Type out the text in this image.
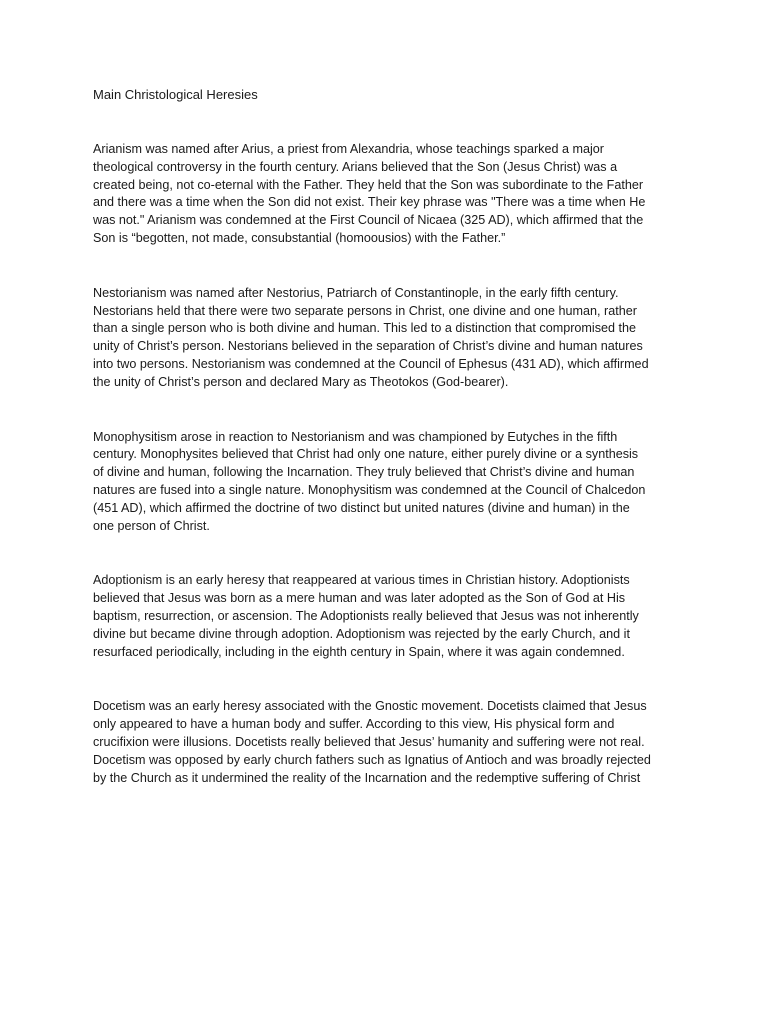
Main Christological Heresies
Arianism was named after Arius, a priest from Alexandria, whose teachings sparked a major
theological controversy in the fourth century. Arians believed that the Son (Jesus Christ) was a
created being, not co-eternal with the Father. They held that the Son was subordinate to the Father
and there was a time when the Son did not exist. Their key phrase was "There was a time when He
was not." Arianism was condemned at the First Council of Nicaea (325 AD), which affirmed that the
Son is “begotten, not made, consubstantial (homoousios) with the Father.”
Nestorianism was named after Nestorius, Patriarch of Constantinople, in the early fifth century.
Nestorians held that there were two separate persons in Christ, one divine and one human, rather
than a single person who is both divine and human. This led to a distinction that compromised the
unity of Christ’s person. Nestorians believed in the separation of Christ’s divine and human natures
into two persons. Nestorianism was condemned at the Council of Ephesus (431 AD), which affirmed
the unity of Christ’s person and declared Mary as Theotokos (God-bearer).
Monophysitism arose in reaction to Nestorianism and was championed by Eutyches in the fifth
century. Monophysites believed that Christ had only one nature, either purely divine or a synthesis
of divine and human, following the Incarnation. They truly believed that Christ’s divine and human
natures are fused into a single nature. Monophysitism was condemned at the Council of Chalcedon
(451 AD), which affirmed the doctrine of two distinct but united natures (divine and human) in the
one person of Christ.
Adoptionism is an early heresy that reappeared at various times in Christian history. Adoptionists
believed that Jesus was born as a mere human and was later adopted as the Son of God at His
baptism, resurrection, or ascension. The Adoptionists really believed that Jesus was not inherently
divine but became divine through adoption. Adoptionism was rejected by the early Church, and it
resurfaced periodically, including in the eighth century in Spain, where it was again condemned.
Docetism was an early heresy associated with the Gnostic movement. Docetists claimed that Jesus
only appeared to have a human body and suffer. According to this view, His physical form and
crucifixion were illusions. Docetists really believed that Jesus’ humanity and suffering were not real.
Docetism was opposed by early church fathers such as Ignatius of Antioch and was broadly rejected
by the Church as it undermined the reality of the Incarnation and the redemptive suffering of Christ
